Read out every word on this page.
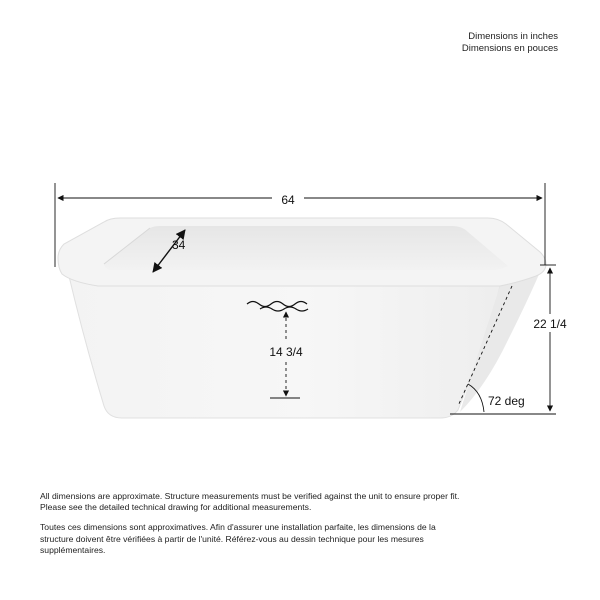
Dimensions in inches
Dimensions en pouces
64
34
14 3/4
22 1/4
72 deg

All dimensions are approximate. Structure measurements must be verified against the unit to ensure proper fit. Please see the detailed technical drawing for additional measurements.

Toutes ces dimensions sont approximatives. Afin d'assurer une installation parfaite, les dimensions de la structure doivent être vérifiées à partir de l'unité. Référez-vous au dessin technique pour les mesures supplémentaires.
